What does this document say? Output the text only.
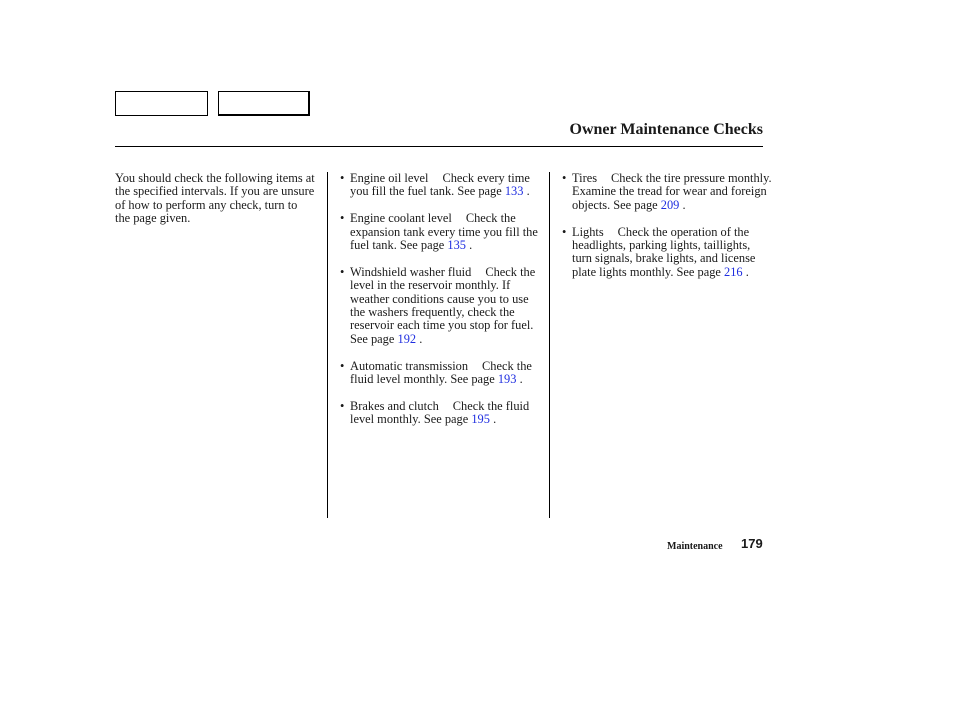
Owner Maintenance Checks
You should check the following items at the specified intervals. If you are unsure of how to perform any check, turn to the page given.
• Engine oil level Check every time you fill the fuel tank. See page 133 .
• Engine coolant level Check the expansion tank every time you fill the fuel tank. See page 135 .
• Windshield washer fluid Check the level in the reservoir monthly. If weather conditions cause you to use the washers frequently, check the reservoir each time you stop for fuel. See page 192 .
• Automatic transmission Check the fluid level monthly. See page 193 .
• Brakes and clutch Check the fluid level monthly. See page 195 .
• Tires Check the tire pressure monthly. Examine the tread for wear and foreign objects. See page 209 .
• Lights Check the operation of the headlights, parking lights, taillights, turn signals, brake lights, and license plate lights monthly. See page 216 .
Maintenance 179
